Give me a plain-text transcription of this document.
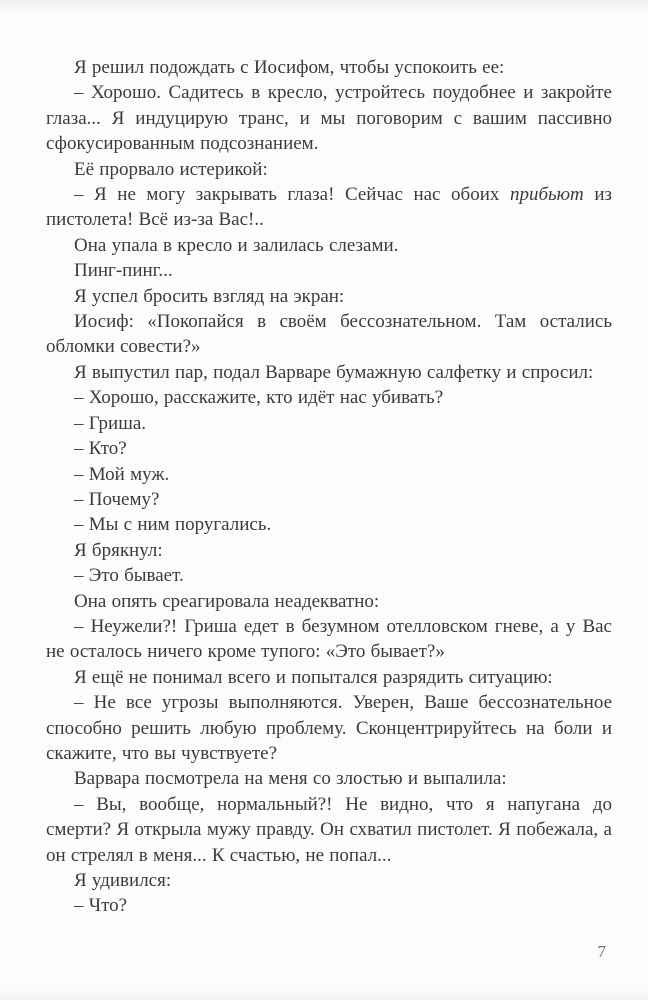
Я решил подождать с Иосифом, чтобы успокоить ее:

– Хорошо. Садитесь в кресло, устройтесь поудобнее и закройте глаза... Я индуцирую транс, и мы поговорим с вашим пассивно сфокусированным подсознанием.

Её прорвало истерикой:

– Я не могу закрывать глаза! Сейчас нас обоих прибьют из пистолета! Всё из-за Вас!..

Она упала в кресло и залилась слезами.

Пинг-пинг...

Я успел бросить взгляд на экран:

Иосиф: «Покопайся в своём бессознательном. Там остались обломки совести?»

Я выпустил пар, подал Варваре бумажную салфетку и спросил:

– Хорошо, расскажите, кто идёт нас убивать?

– Гриша.

– Кто?

– Мой муж.

– Почему?

– Мы с ним поругались.

Я брякнул:

– Это бывает.

Она опять среагировала неадекватно:

– Неужели?! Гриша едет в безумном отелловском гневе, а у Вас не осталось ничего кроме тупого: «Это бывает?»

Я ещё не понимал всего и попытался разрядить ситуацию:

– Не все угрозы выполняются. Уверен, Ваше бессознательное способно решить любую проблему. Сконцентрируйтесь на боли и скажите, что вы чувствуете?

Варвара посмотрела на меня со злостью и выпалила:

– Вы, вообще, нормальный?! Не видно, что я напугана до смерти? Я открыла мужу правду. Он схватил пистолет. Я побежала, а он стрелял в меня... К счастью, не попал...

Я удивился:

– Что?

7
